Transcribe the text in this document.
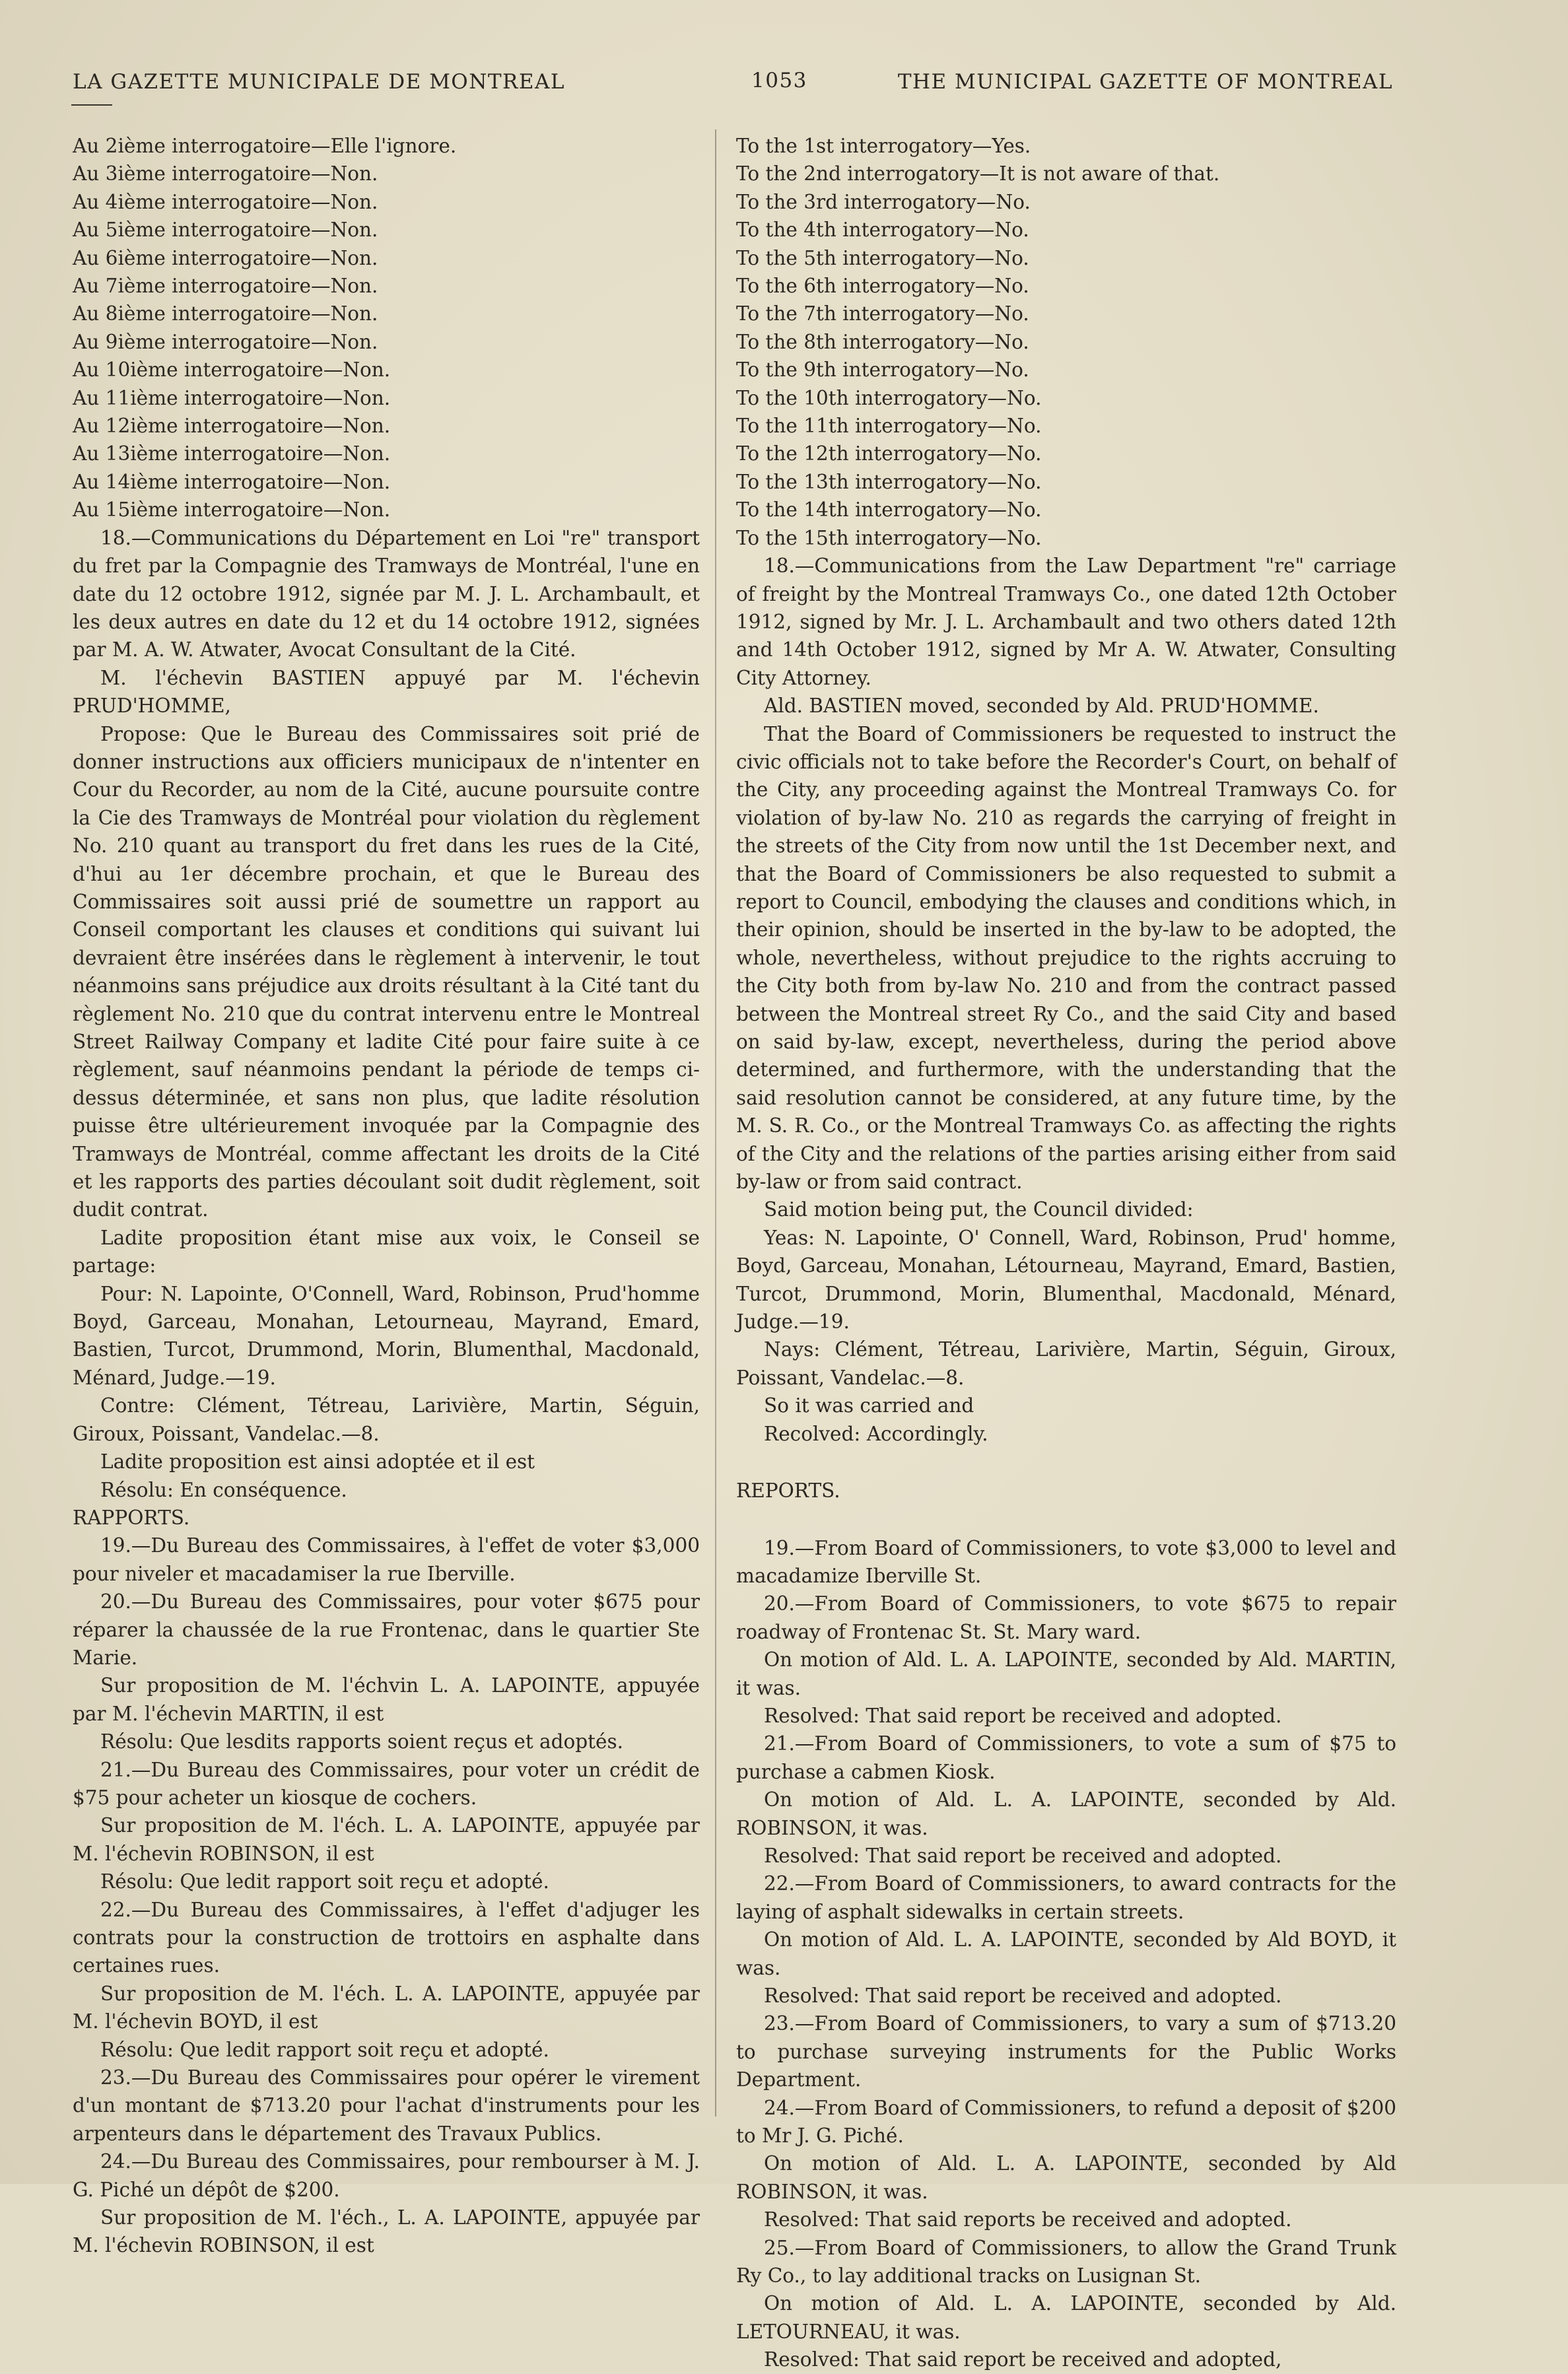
LA GAZETTE MUNICIPALE DE MONTREAL	1053	THE MUNICIPAL GAZETTE OF MONTREAL

Au 2ième interrogatoire—Elle l'ignore.

Au 3ième interrogatoire—Non.

Au 4ième interrogatoire—Non.

Au 5ième interrogatoire—Non.

Au 6ième interrogatoire—Non.

Au 7ième interrogatoire—Non.

Au 8ième interrogatoire—Non.

Au 9ième interrogatoire—Non.

Au 10ième interrogatoire—Non.

Au 11ième interrogatoire—Non.

Au 12ième interrogatoire—Non.

Au 13ième interrogatoire—Non.

Au 14ième interrogatoire—Non.

Au 15ième interrogatoire—Non.

18.—Communications du Département en Loi "re" transport du fret par la Compagnie des Tramways de Montréal, l'une en date du 12 octobre 1912, signée par M. J. L. Archambault, et les deux autres en date du 12 et du 14 octobre 1912, signées par M. A. W. Atwater, Avocat Consultant de la Cité.

M. l'échevin BASTIEN appuyé par M. l'échevin PRUD'HOMME,

Propose: Que le Bureau des Commissaires soit prié de donner instructions aux officiers municipaux de n'intenter en Cour du Recorder, au nom de la Cité, aucune poursuite contre la Cie des Tramways de Montréal pour violation du règlement No. 210 quant au transport du fret dans les rues de la Cité, d'hui au 1er décembre prochain, et que le Bureau des Commissaires soit aussi prié de soumettre un rapport au Conseil comportant les clauses et conditions qui suivant lui devraient être insérées dans le règlement à intervenir, le tout néanmoins sans préjudice aux droits résultant à la Cité tant du règlement No. 210 que du contrat intervenu entre le Montreal Street Railway Company et ladite Cité pour faire suite à ce règlement, sauf néanmoins pendant la période de temps ci-dessus déterminée, et sans non plus, que ladite résolution puisse être ultérieurement invoquée par la Compagnie des Tramways de Montréal, comme affectant les droits de la Cité et les rapports des parties découlant soit dudit règlement, soit dudit contrat.

Ladite proposition étant mise aux voix, le Conseil se partage:

Pour: N. Lapointe, O'Connell, Ward, Robinson, Prud'homme Boyd, Garceau, Monahan, Letourneau, Mayrand, Emard, Bastien, Turcot, Drummond, Morin, Blumenthal, Macdonald, Ménard, Judge.—19.

Contre: Clément, Tétreau, Larivière, Martin, Séguin, Giroux, Poissant, Vandelac.—8.

Ladite proposition est ainsi adoptée et il est

Résolu: En conséquence.

RAPPORTS.

19.—Du Bureau des Commissaires, à l'effet de voter $3,000 pour niveler et macadamiser la rue Iberville.

20.—Du Bureau des Commissaires, pour voter $675 pour réparer la chaussée de la rue Frontenac, dans le quartier Ste Marie.

Sur proposition de M. l'échvin L. A. LAPOINTE, appuyée par M. l'échevin MARTIN, il est

Résolu: Que lesdits rapports soient reçus et adoptés.

21.—Du Bureau des Commissaires, pour voter un crédit de $75 pour acheter un kiosque de cochers.

Sur proposition de M. l'éch. L. A. LAPOINTE, appuyée par M. l'échevin ROBINSON, il est

Résolu: Que ledit rapport soit reçu et adopté.

22.—Du Bureau des Commissaires, à l'effet d'adjuger les contrats pour la construction de trottoirs en asphalte dans certaines rues.

Sur proposition de M. l'éch. L. A. LAPOINTE, appuyée par M. l'échevin BOYD, il est

Résolu: Que ledit rapport soit reçu et adopté.

23.—Du Bureau des Commissaires pour opérer le virement d'un montant de $713.20 pour l'achat d'instruments pour les arpenteurs dans le département des Travaux Publics.

24.—Du Bureau des Commissaires, pour rembourser à M. J. G. Piché un dépôt de $200.

Sur proposition de M. l'éch., L. A. LAPOINTE, appuyée par M. l'échevin ROBINSON, il est

To the 1st interrogatory—Yes.

To the 2nd interrogatory—It is not aware of that.

To the 3rd interrogatory—No.

To the 4th interrogatory—No.

To the 5th interrogatory—No.

To the 6th interrogatory—No.

To the 7th interrogatory—No.

To the 8th interrogatory—No.

To the 9th interrogatory—No.

To the 10th interrogatory—No.

To the 11th interrogatory—No.

To the 12th interrogatory—No.

To the 13th interrogatory—No.

To the 14th interrogatory—No.

To the 15th interrogatory—No.

18.—Communications from the Law Department "re" carriage of freight by the Montreal Tramways Co., one dated 12th October 1912, signed by Mr. J. L. Archambault and two others dated 12th and 14th October 1912, signed by Mr A. W. Atwater, Consulting City Attorney.

Ald. BASTIEN moved, seconded by Ald. PRUD'HOMME.

That the Board of Commissioners be requested to instruct the civic officials not to take before the Recorder's Court, on behalf of the City, any proceeding against the Montreal Tramways Co. for violation of by-law No. 210 as regards the carrying of freight in the streets of the City from now until the 1st December next, and that the Board of Commissioners be also requested to submit a report to Council, embodying the clauses and conditions which, in their opinion, should be inserted in the by-law to be adopted, the whole, nevertheless, without prejudice to the rights accruing to the City both from by-law No. 210 and from the contract passed between the Montreal street Ry Co., and the said City and based on said by-law, except, nevertheless, during the period above determined, and furthermore, with the understanding that the said resolution cannot be considered, at any future time, by the M. S. R. Co., or the Montreal Tramways Co. as affecting the rights of the City and the relations of the parties arising either from said by-law or from said contract.

Said motion being put, the Council divided:

Yeas: N. Lapointe, O' Connell, Ward, Robinson, Prud' homme, Boyd, Garceau, Monahan, Létourneau, Mayrand, Emard, Bastien, Turcot, Drummond, Morin, Blumenthal, Macdonald, Ménard, Judge.—19.

Nays: Clément, Tétreau, Larivière, Martin, Séguin, Giroux, Poissant, Vandelac.—8.

So it was carried and

Recolved: Accordingly.

REPORTS.

19.—From Board of Commissioners, to vote $3,000 to level and macadamize Iberville St.

20.—From Board of Commissioners, to vote $675 to repair roadway of Frontenac St. St. Mary ward.

On motion of Ald. L. A. LAPOINTE, seconded by Ald. MARTIN, it was.

Resolved: That said report be received and adopted.

21.—From Board of Commissioners, to vote a sum of $75 to purchase a cabmen Kiosk.

On motion of Ald. L. A. LAPOINTE, seconded by Ald. ROBINSON, it was.

Resolved: That said report be received and adopted.

22.—From Board of Commissioners, to award contracts for the laying of asphalt sidewalks in certain streets.

On motion of Ald. L. A. LAPOINTE, seconded by Ald BOYD, it was.

Resolved: That said report be received and adopted.

23.—From Board of Commissioners, to vary a sum of $713.20 to purchase surveying instruments for the Public Works Department.

24.—From Board of Commissioners, to refund a deposit of $200 to Mr J. G. Piché.

On motion of Ald. L. A. LAPOINTE, seconded by Ald ROBINSON, it was.

Resolved: That said reports be received and adopted.

25.—From Board of Commissioners, to allow the Grand Trunk Ry Co., to lay additional tracks on Lusignan St.

On motion of Ald. L. A. LAPOINTE, seconded by Ald. LETOURNEAU, it was.

Resolved: That said report be received and adopted,
